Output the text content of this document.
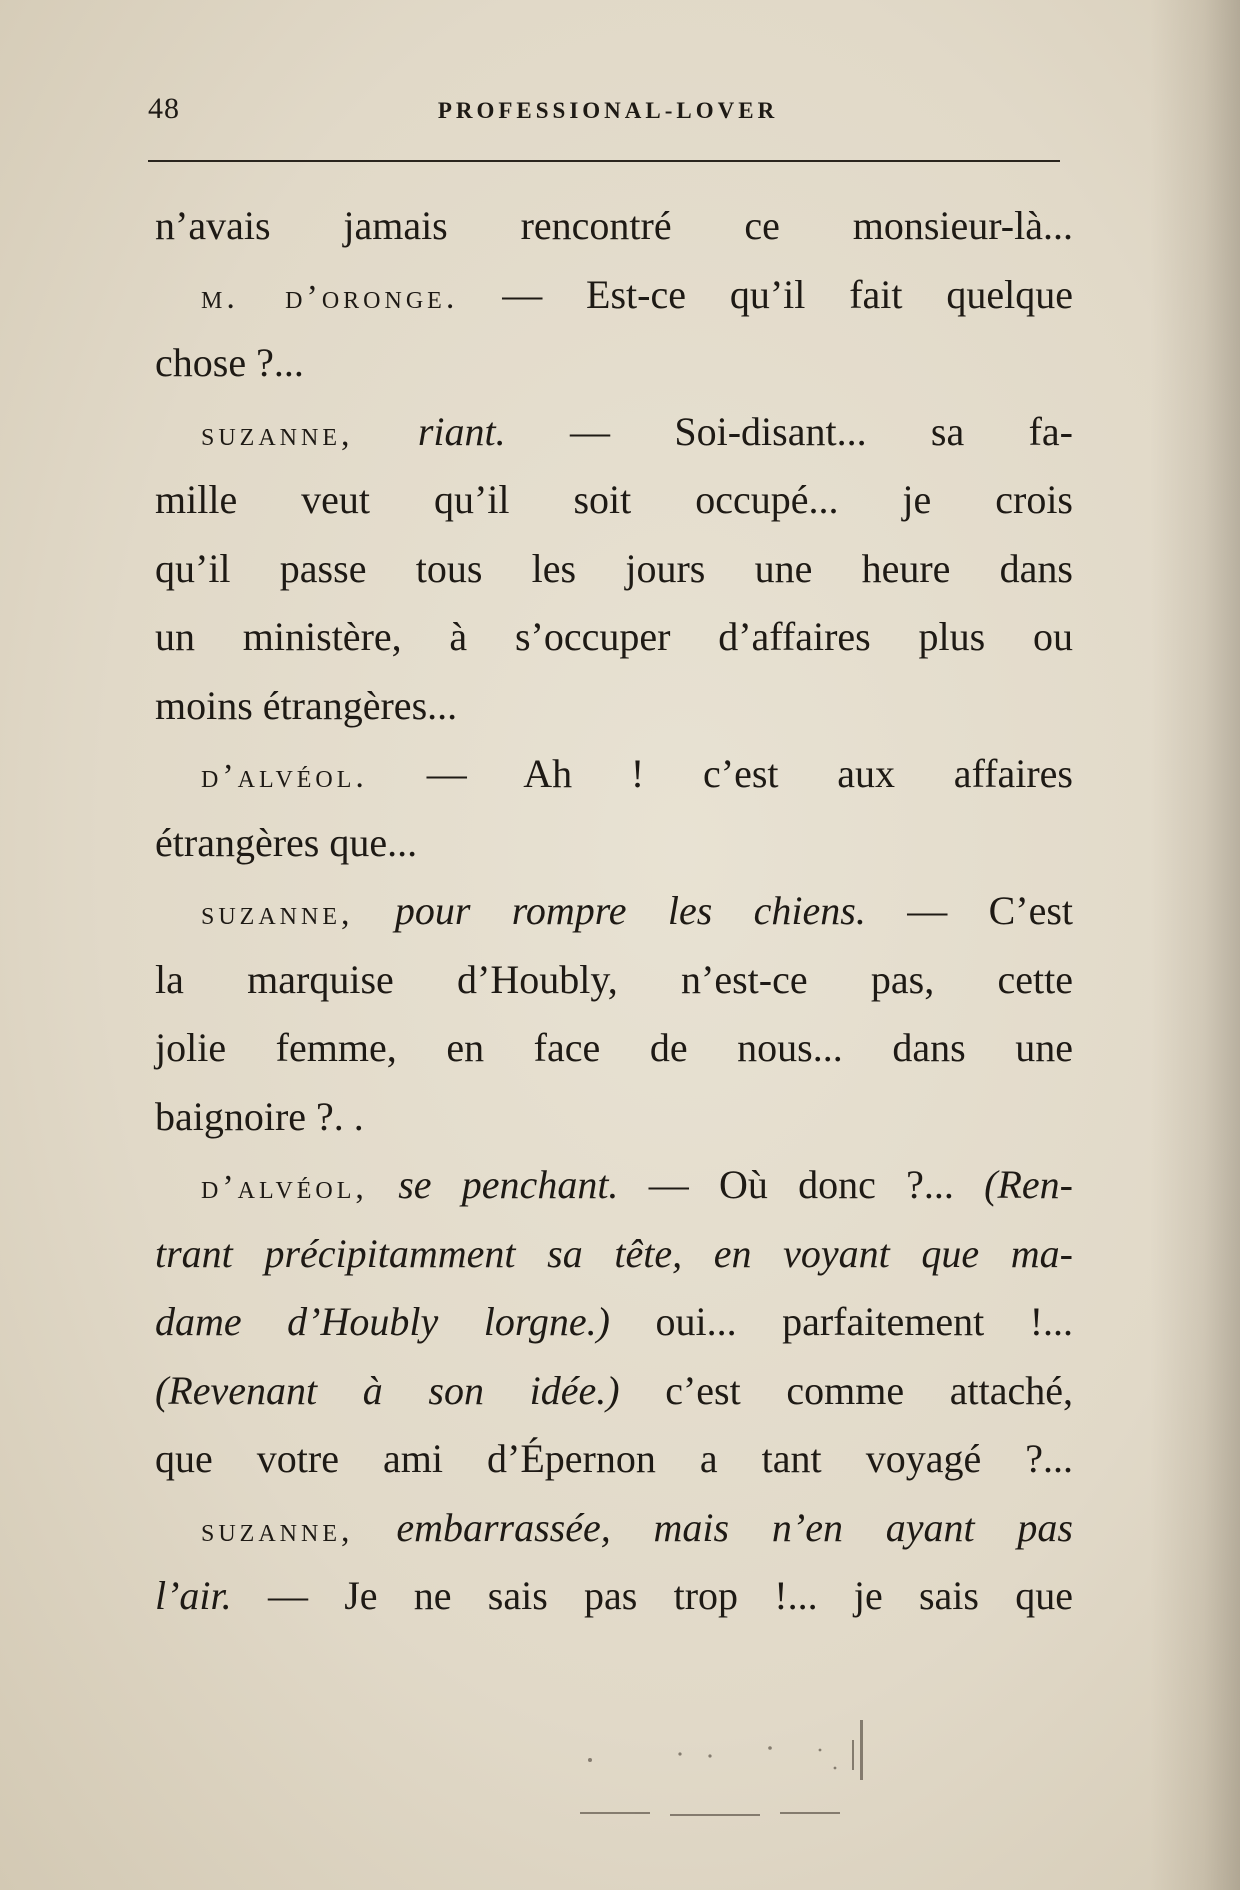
48	PROFESSIONAL-LOVER
n’avais jamais rencontré ce monsieur-là...
m. d’oronge. — Est-ce qu’il fait quelque
chose ?...
suzanne, riant. — Soi-disant... sa fa-
mille veut qu’il soit occupé... je crois
qu’il passe tous les jours une heure dans
un ministère, à s’occuper d’affaires plus ou
moins étrangères...
d’alvéol. — Ah ! c’est aux affaires
étrangères que...
suzanne, pour rompre les chiens. — C’est
la marquise d’Houbly, n’est-ce pas, cette
jolie femme, en face de nous... dans une
baignoire ?. .
d’alvéol, se penchant. — Où donc ?... (Ren-
trant précipitamment sa tête, en voyant que ma-
dame d’Houbly lorgne.) oui... parfaitement !...
(Revenant à son idée.) c’est comme attaché,
que votre ami d’Épernon a tant voyagé ?...
suzanne, embarrassée, mais n’en ayant pas
l’air. — Je ne sais pas trop !... je sais que
